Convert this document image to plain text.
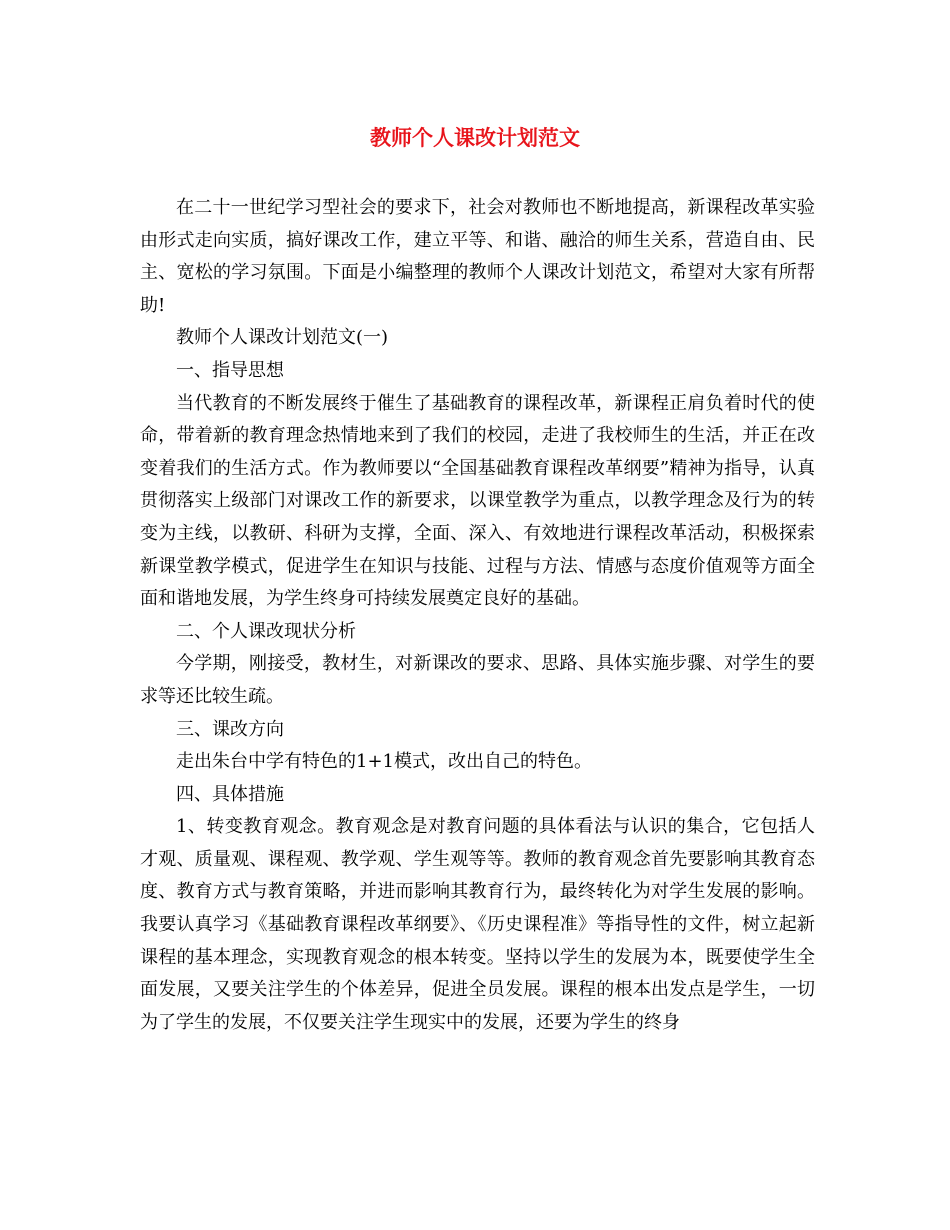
教师个人课改计划范文

在二十一世纪学习型社会的要求下，社会对教师也不断地提高，新课程改革实验由形式走向实质，搞好课改工作，建立平等、和谐、融洽的师生关系，营造自由、民主、宽松的学习氛围。下面是小编整理的教师个人课改计划范文，希望对大家有所帮助!

教师个人课改计划范文(一)

一、指导思想

当代教育的不断发展终于催生了基础教育的课程改革，新课程正肩负着时代的使命，带着新的教育理念热情地来到了我们的校园，走进了我校师生的生活，并正在改变着我们的生活方式。作为教师要以“全国基础教育课程改革纲要”精神为指导，认真贯彻落实上级部门对课改工作的新要求，以课堂教学为重点，以教学理念及行为的转变为主线，以教研、科研为支撑，全面、深入、有效地进行课程改革活动，积极探索新课堂教学模式，促进学生在知识与技能、过程与方法、情感与态度价值观等方面全面和谐地发展，为学生终身可持续发展奠定良好的基础。

二、个人课改现状分析

今学期，刚接受，教材生，对新课改的要求、思路、具体实施步骤、对学生的要求等还比较生疏。

三、课改方向

走出朱台中学有特色的1+1模式，改出自己的特色。

四、具体措施

1、转变教育观念。教育观念是对教育问题的具体看法与认识的集合，它包括人才观、质量观、课程观、教学观、学生观等等。教师的教育观念首先要影响其教育态度、教育方式与教育策略，并进而影响其教育行为，最终转化为对学生发展的影响。我要认真学习《基础教育课程改革纲要》、《历史课程准》等指导性的文件，树立起新课程的基本理念，实现教育观念的根本转变。坚持以学生的发展为本，既要使学生全面发展，又要关注学生的个体差异，促进全员发展。课程的根本出发点是学生，一切为了学生的发展，不仅要关注学生现实中的发展，还要为学生的终身
